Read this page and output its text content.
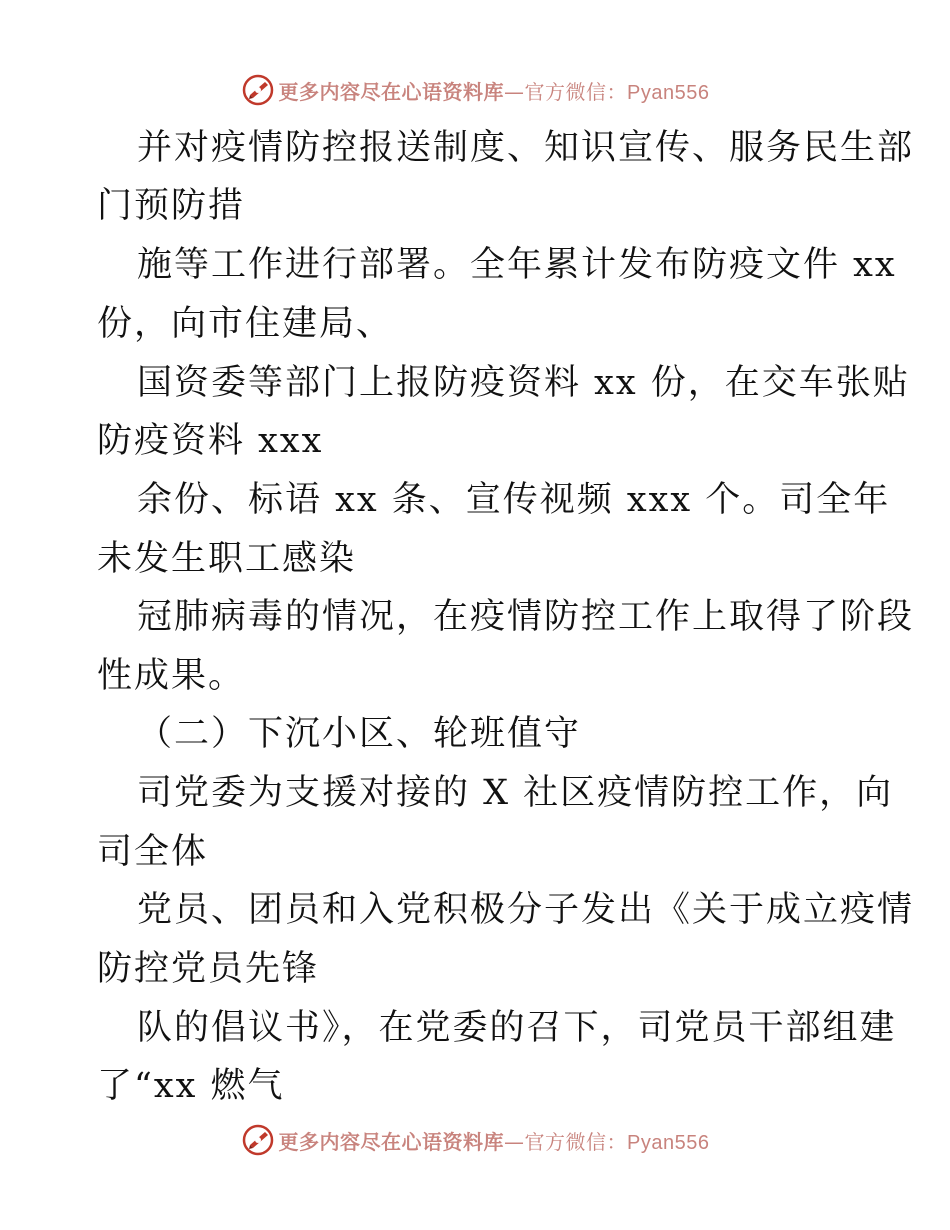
更多内容尽在心语资料库—官方微信：Pyan556
并对疫情防控报送制度、知识宣传、服务民生部
门预防措
施等工作进行部署。全年累计发布防疫文件 xx
份，向市住建局、
国资委等部门上报防疫资料 xx 份，在交车张贴
防疫资料 xxx
余份、标语 xx 条、宣传视频 xxx 个。司全年
未发生职工感染
冠肺病毒的情况，在疫情防控工作上取得了阶段
性成果。
（二）下沉小区、轮班值守
司党委为支援对接的 X 社区疫情防控工作，向
司全体
党员、团员和入党积极分子发出《关于成立疫情
防控党员先锋
队的倡议书》，在党委的召下，司党员干部组建
了“xx 燃气
更多内容尽在心语资料库—官方微信：Pyan556
